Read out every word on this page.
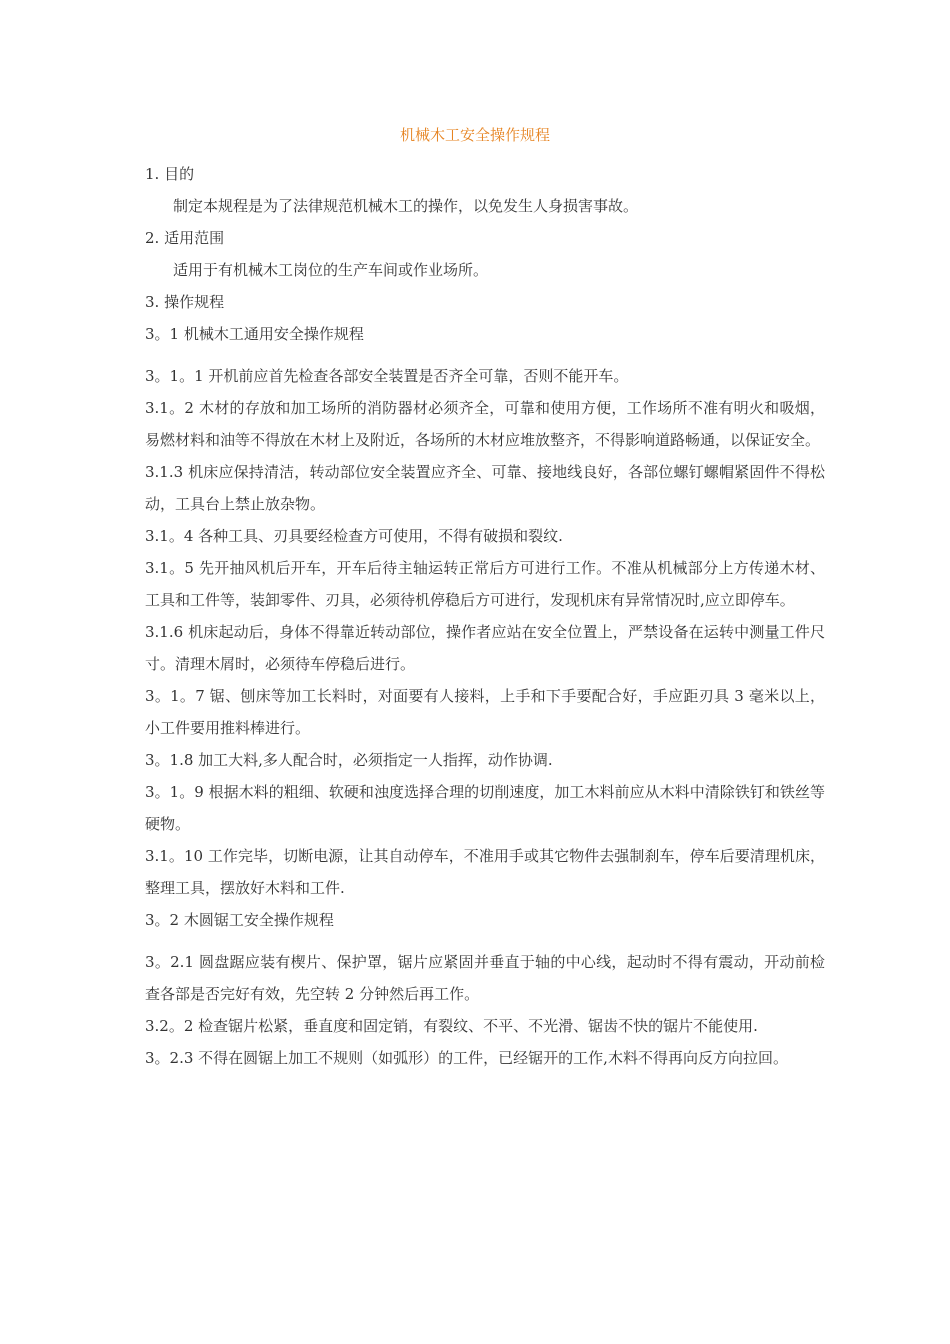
机械木工安全操作规程

1. 目的

制定本规程是为了法律规范机械木工的操作，以免发生人身损害事故。

2. 适用范围

适用于有机械木工岗位的生产车间或作业场所。

3. 操作规程

3。1 机械木工通用安全操作规程

3。1。1 开机前应首先检查各部安全装置是否齐全可靠，否则不能开车。

3.1。2 木材的存放和加工场所的消防器材必须齐全，可靠和使用方便，工作场所不准有明火和吸烟，易燃材料和油等不得放在木材上及附近，各场所的木材应堆放整齐，不得影响道路畅通，以保证安全。

3.1.3 机床应保持清洁，转动部位安全装置应齐全、可靠、接地线良好，各部位螺钉螺帽紧固件不得松动，工具台上禁止放杂物。

3.1。4 各种工具、刃具要经检查方可使用，不得有破损和裂纹.

3.1。5 先开抽风机后开车，开车后待主轴运转正常后方可进行工作。不准从机械部分上方传递木材、工具和工件等，装卸零件、刃具，必须待机停稳后方可进行，发现机床有异常情况时,应立即停车。

3.1.6 机床起动后，身体不得靠近转动部位，操作者应站在安全位置上，严禁设备在运转中测量工件尺寸。清理木屑时，必须待车停稳后进行。

3。1。7 锯、刨床等加工长料时，对面要有人接料，上手和下手要配合好，手应距刃具 3 毫米以上，小工件要用推料棒进行。

3。1.8 加工大料,多人配合时，必须指定一人指挥，动作协调.

3。1。9 根据木料的粗细、软硬和浊度选择合理的切削速度，加工木料前应从木料中清除铁钉和铁丝等硬物。

3.1。10 工作完毕，切断电源，让其自动停车，不准用手或其它物件去强制刹车，停车后要清理机床，整理工具，摆放好木料和工件.

3。2 木圆锯工安全操作规程

3。2.1 圆盘踞应装有楔片、保护罩，锯片应紧固并垂直于轴的中心线，起动时不得有震动，开动前检查各部是否完好有效，先空转 2 分钟然后再工作。

3.2。2 检查锯片松紧，垂直度和固定销，有裂纹、不平、不光滑、锯齿不快的锯片不能使用.

3。2.3 不得在圆锯上加工不规则（如弧形）的工件，已经锯开的工作,木料不得再向反方向拉回。
